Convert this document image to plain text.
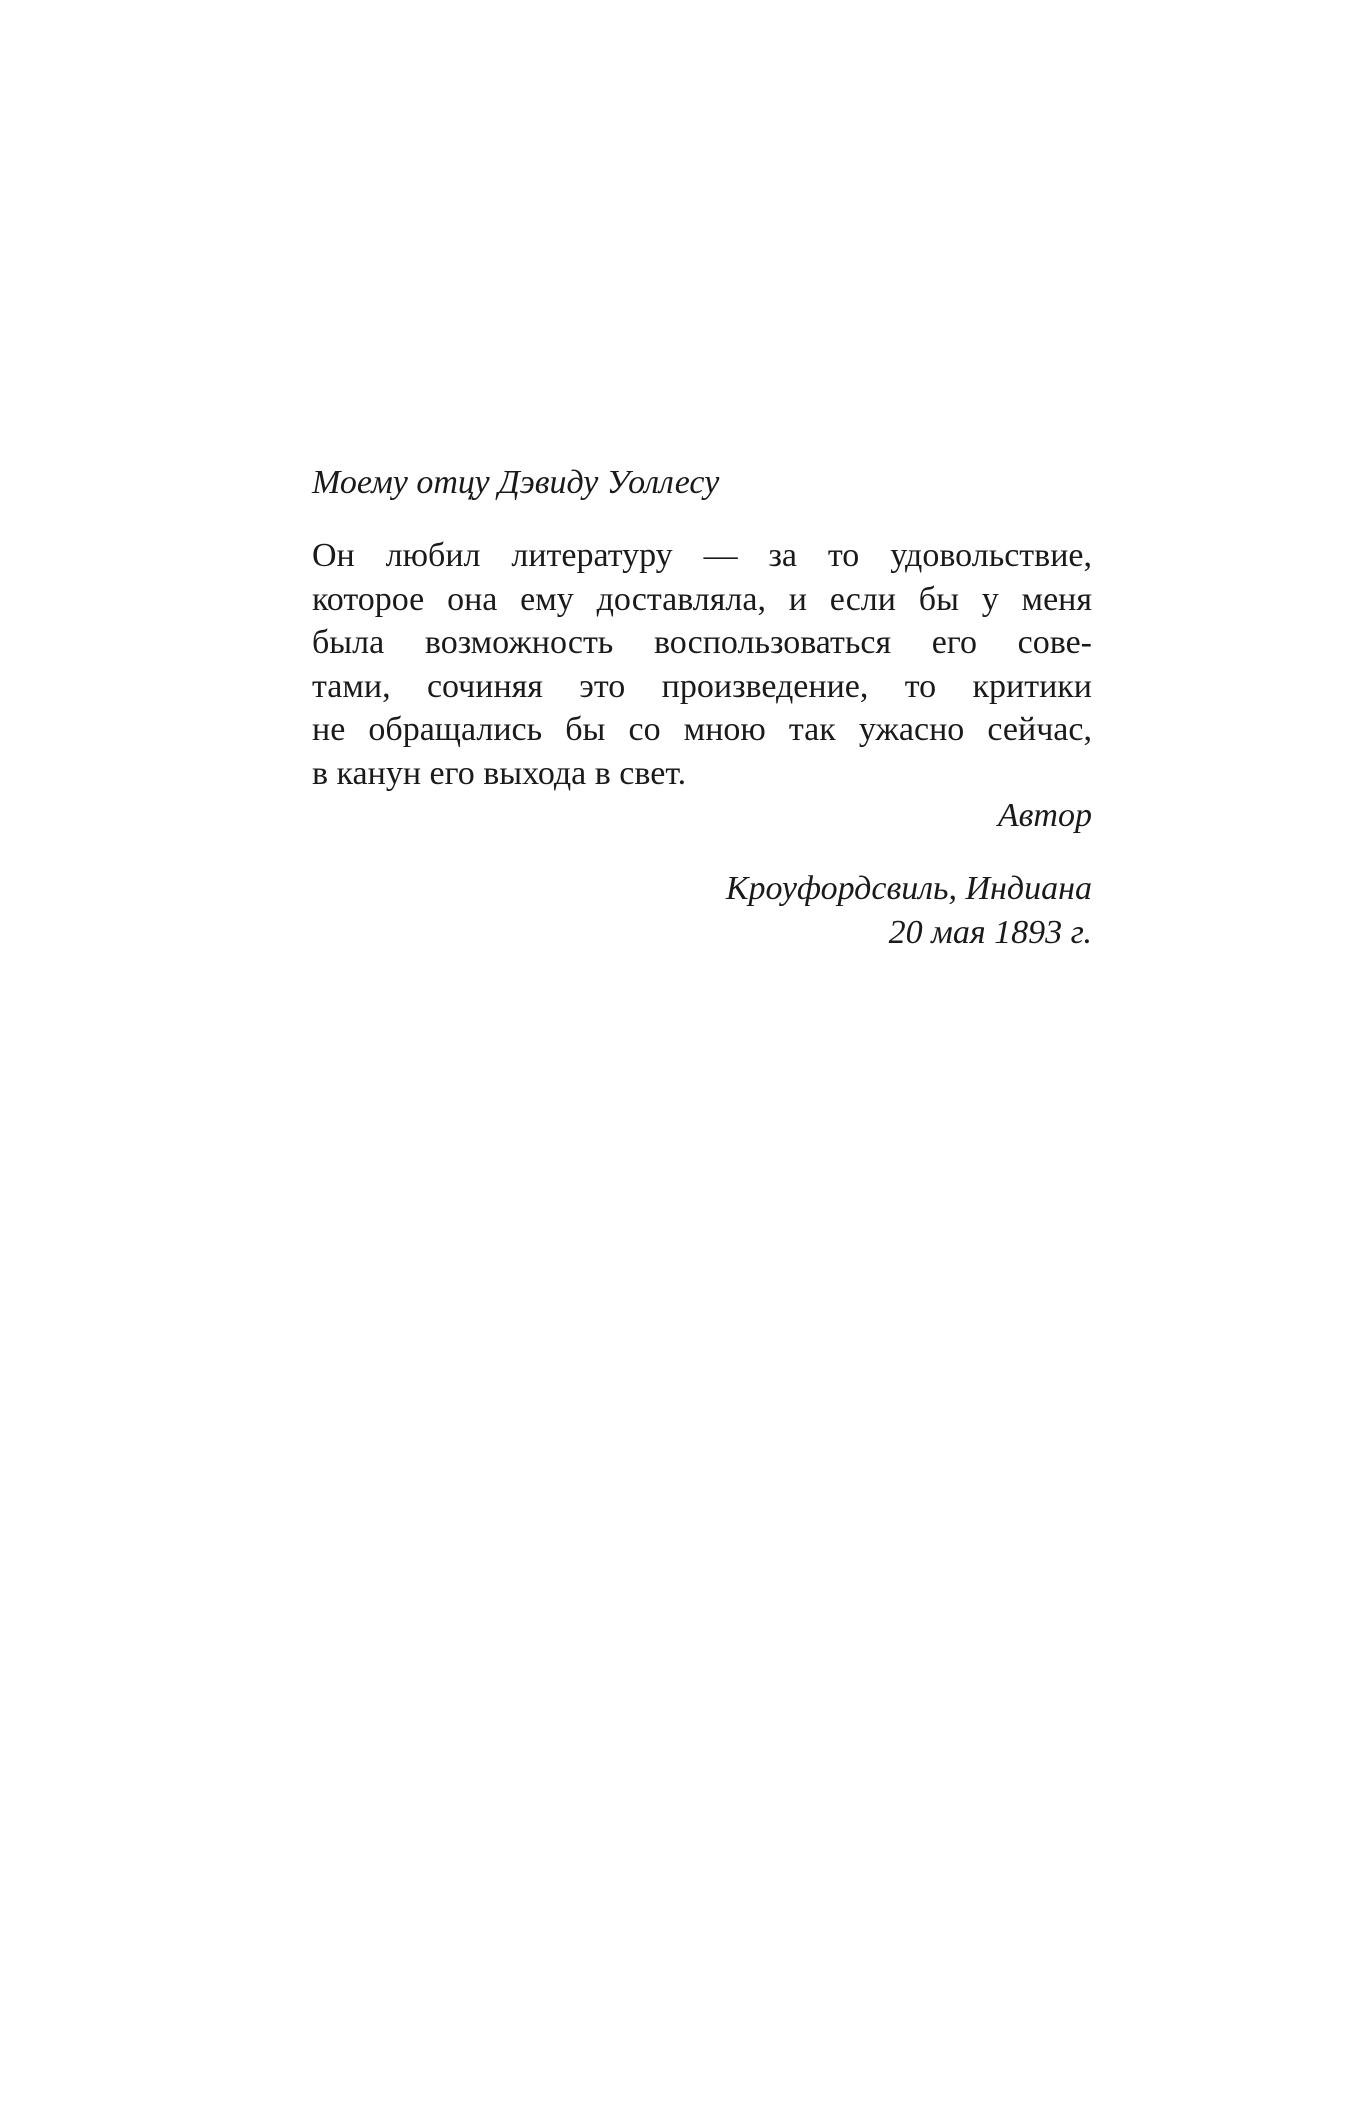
Моему отцу Дэвиду Уоллесу

Он любил литературу — за то удовольствие,
которое она ему доставляла, и если бы у меня
была возможность воспользоваться его сове-
тами, сочиняя это произведение, то критики
не обращались бы со мною так ужасно сейчас,
в канун его выхода в свет.

Автор

Кроуфордсвиль, Индиана
20 мая 1893 г.
